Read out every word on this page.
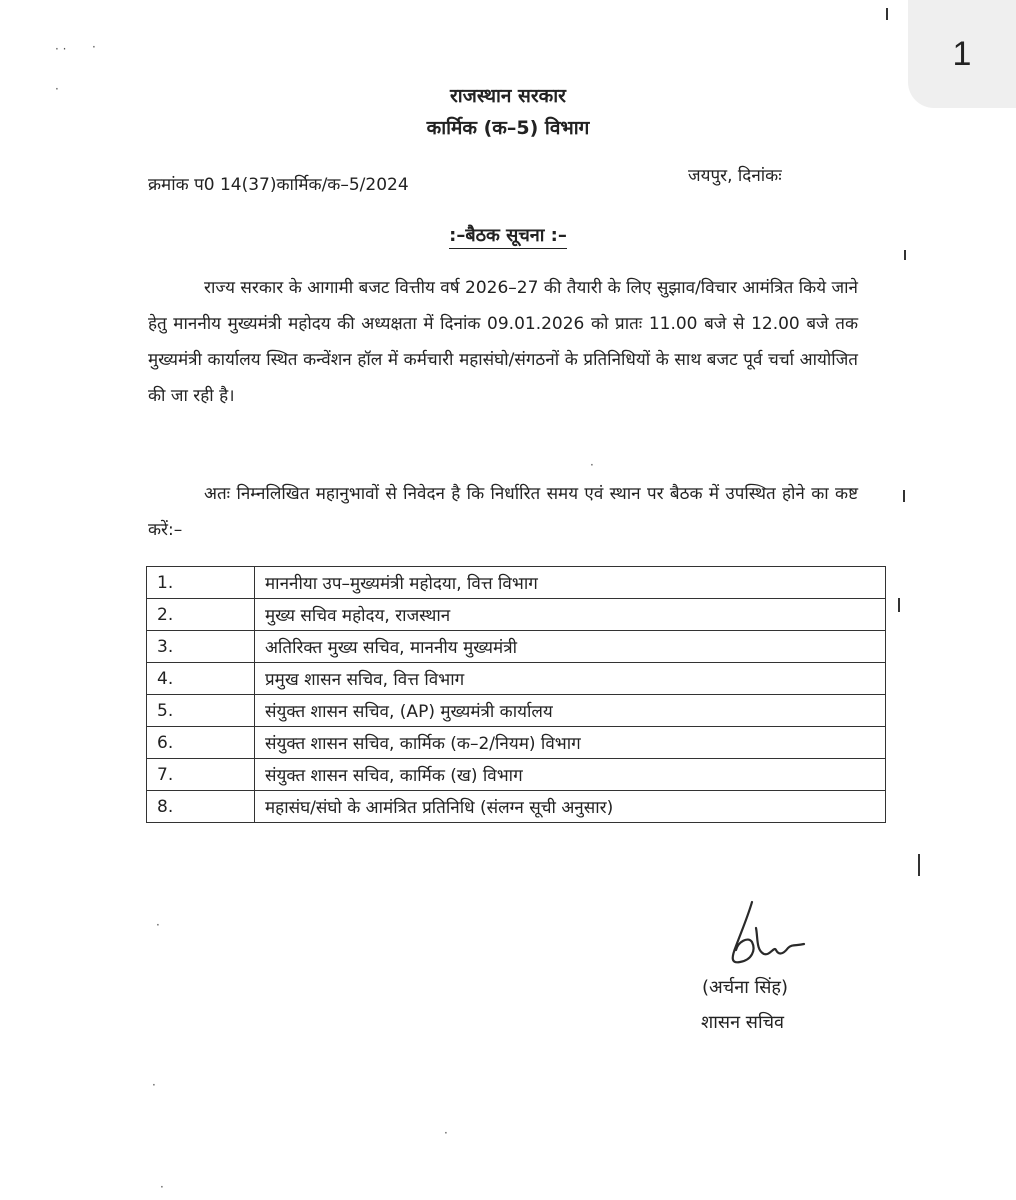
· · ·
·
·
·
·
·
·
राजस्थान सरकार
कार्मिक (क–5) विभाग
क्रमांक प0 14(37)कार्मिक/क–5/2024	जयपुर, दिनांकः
:–बैठक सूचना :–
राज्य सरकार के आगामी बजट वित्तीय वर्ष 2026–27 की तैयारी के लिए सुझाव/विचार आमंत्रित किये जाने हेतु माननीय मुख्यमंत्री महोदय की अध्यक्षता में दिनांक 09.01.2026 को प्रातः 11.00 बजे से 12.00 बजे तक मुख्यमंत्री कार्यालय स्थित कन्वेंशन हॉल में कर्मचारी महासंघो/संगठनों के प्रतिनिधियों के साथ बजट पूर्व चर्चा आयोजित की जा रही है।
अतः निम्नलिखित महानुभावों से निवेदन है कि निर्धारित समय एवं स्थान पर बैठक में उपस्थित होने का कष्ट करें:–
1.	माननीया उप–मुख्यमंत्री महोदया, वित्त विभाग
2.	मुख्य सचिव महोदय, राजस्थान
3.	अतिरिक्त मुख्य सचिव, माननीय मुख्यमंत्री
4.	प्रमुख शासन सचिव, वित्त विभाग
5.	संयुक्त शासन सचिव, (AP) मुख्यमंत्री कार्यालय
6.	संयुक्त शासन सचिव, कार्मिक (क–2/नियम) विभाग
7.	संयुक्त शासन सचिव, कार्मिक (ख) विभाग
8.	महासंघ/संघो के आमंत्रित प्रतिनिधि (संलग्न सूची अनुसार)
(अर्चना सिंह)
शासन सचिव
1
